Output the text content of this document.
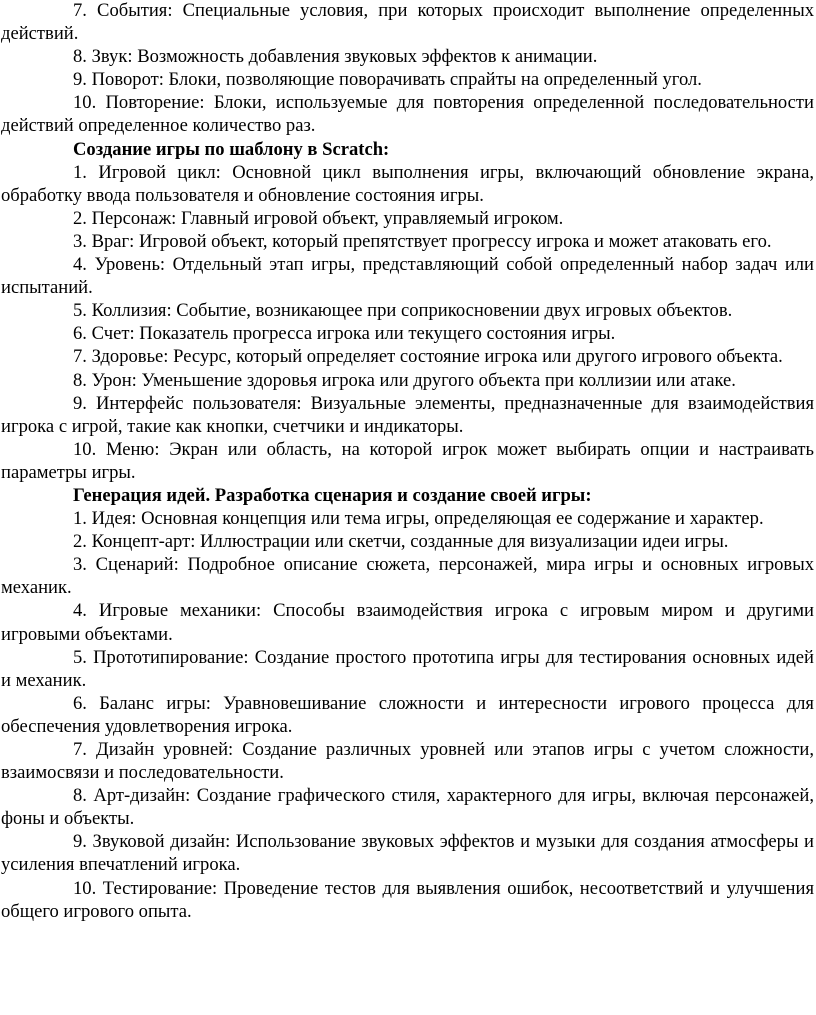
7. События: Специальные условия, при которых происходит выполнение определенных действий.

8. Звук: Возможность добавления звуковых эффектов к анимации.

9. Поворот: Блоки, позволяющие поворачивать спрайты на определенный угол.

10. Повторение: Блоки, используемые для повторения определенной последовательности действий определенное количество раз.

Создание игры по шаблону в Scratch:

1. Игровой цикл: Основной цикл выполнения игры, включающий обновление экрана, обработку ввода пользователя и обновление состояния игры.

2. Персонаж: Главный игровой объект, управляемый игроком.

3. Враг: Игровой объект, который препятствует прогрессу игрока и может атаковать его.

4. Уровень: Отдельный этап игры, представляющий собой определенный набор задач или испытаний.

5. Коллизия: Событие, возникающее при соприкосновении двух игровых объектов.

6. Счет: Показатель прогресса игрока или текущего состояния игры.

7. Здоровье: Ресурс, который определяет состояние игрока или другого игрового объекта.

8. Урон: Уменьшение здоровья игрока или другого объекта при коллизии или атаке.

9. Интерфейс пользователя: Визуальные элементы, предназначенные для взаимодействия игрока с игрой, такие как кнопки, счетчики и индикаторы.

10. Меню: Экран или область, на которой игрок может выбирать опции и настраивать параметры игры.

Генерация идей. Разработка сценария и создание своей игры:

1. Идея: Основная концепция или тема игры, определяющая ее содержание и характер.

2. Концепт-арт: Иллюстрации или скетчи, созданные для визуализации идеи игры.

3. Сценарий: Подробное описание сюжета, персонажей, мира игры и основных игровых механик.

4. Игровые механики: Способы взаимодействия игрока с игровым миром и другими игровыми объектами.

5. Прототипирование: Создание простого прототипа игры для тестирования основных идей и механик.

6. Баланс игры: Уравновешивание сложности и интересности игрового процесса для обеспечения удовлетворения игрока.

7. Дизайн уровней: Создание различных уровней или этапов игры с учетом сложности, взаимосвязи и последовательности.

8. Арт-дизайн: Создание графического стиля, характерного для игры, включая персонажей, фоны и объекты.

9. Звуковой дизайн: Использование звуковых эффектов и музыки для создания атмосферы и усиления впечатлений игрока.

10. Тестирование: Проведение тестов для выявления ошибок, несоответствий и улучшения общего игрового опыта.
